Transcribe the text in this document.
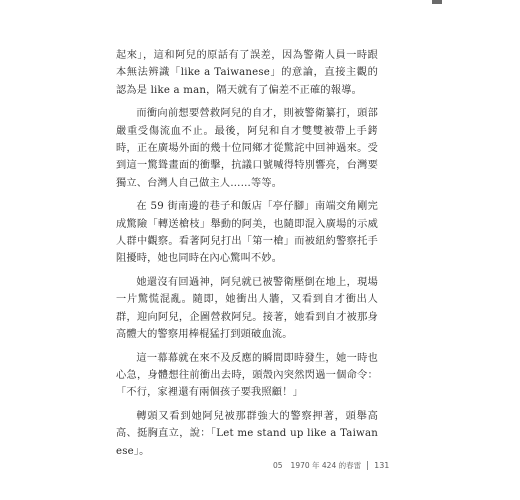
起來」，這和阿兒的原話有了誤差，因為警衛人員一時跟本無法辨識「like a Taiwanese」的意論，直接主觀的認為是 like a man，隔天就有了偏差不正確的報導。

而衝向前想要營救阿兒的自才，則被警衛纂打，頭部嚴重受傷流血不止。最後，阿兒和自才雙雙被帶上手銬時，正在廣場外面的幾十位同鄉才從驚詫中回神過來。受到這一驚聳畫面的衝擊，抗議口號喊得特別響亮，台灣要獨立、台灣人自己做主人……等等。

在 59 街南邊的巷子和飯店「亭仔腳」南端交角剛完成驚險「轉送槍枝」舉動的阿美，也隨即混入廣場的示威人群中觀察。看著阿兒打出「第一槍」而被紐約警察托手阻擾時，她也同時在內心驚叫不妙。

她還沒有回過神，阿兒就已被警衛壓倒在地上，現場一片驚慌混亂。隨即，她衝出人牆，又看到自才衝出人群，迎向阿兒，企圖營救阿兒。接著，她看到自才被那身高體大的警察用棒棍猛打到頭破血流。

這一幕幕就在來不及反應的瞬間即時發生，她一時也心急，身體想往前衝出去時，頭殼內突然閃過一個命令：「不行，家裡還有兩個孩子要我照顧！」

轉頭又看到她阿兒被那群強大的警察押著，頭舉高高、挺胸直立，說：「Let me stand up like a Taiwanese」。

05 1970 年 424 的春雷 131
